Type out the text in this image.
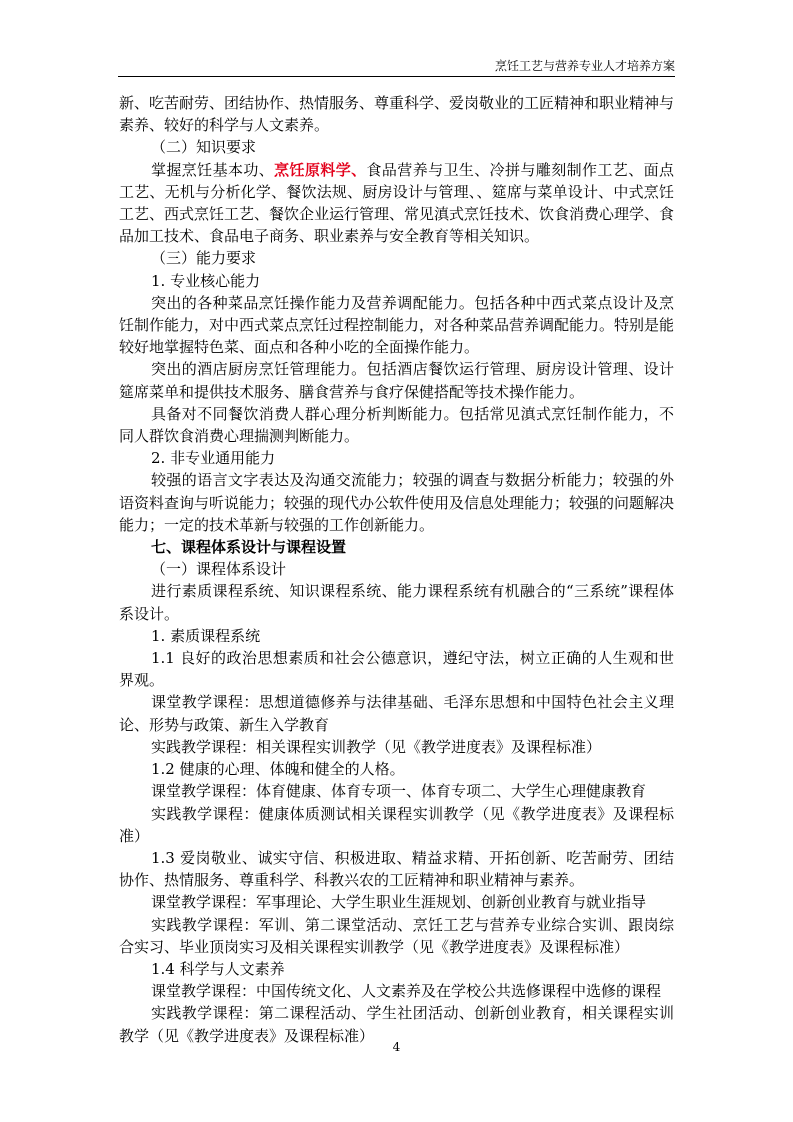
烹饪工艺与营养专业人才培养方案

新、吃苦耐劳、团结协作、热情服务、尊重科学、爱岗敬业的工匠精神和职业精神与素养、较好的科学与人文素养。

（二）知识要求

掌握烹饪基本功、烹饪原料学、食品营养与卫生、冷拼与雕刻制作工艺、面点工艺、无机与分析化学、餐饮法规、厨房设计与管理、、筵席与菜单设计、中式烹饪工艺、西式烹饪工艺、餐饮企业运行管理、常见滇式烹饪技术、饮食消费心理学、食品加工技术、食品电子商务、职业素养与安全教育等相关知识。

（三）能力要求

1. 专业核心能力

突出的各种菜品烹饪操作能力及营养调配能力。包括各种中西式菜点设计及烹饪制作能力，对中西式菜点烹饪过程控制能力，对各种菜品营养调配能力。特别是能较好地掌握特色菜、面点和各种小吃的全面操作能力。

突出的酒店厨房烹饪管理能力。包括酒店餐饮运行管理、厨房设计管理、设计筵席菜单和提供技术服务、膳食营养与食疗保健搭配等技术操作能力。

具备对不同餐饮消费人群心理分析判断能力。包括常见滇式烹饪制作能力，不同人群饮食消费心理揣测判断能力。

2. 非专业通用能力

较强的语言文字表达及沟通交流能力；较强的调查与数据分析能力；较强的外语资料查询与听说能力；较强的现代办公软件使用及信息处理能力；较强的问题解决能力；一定的技术革新与较强的工作创新能力。

七、课程体系设计与课程设置

（一）课程体系设计

进行素质课程系统、知识课程系统、能力课程系统有机融合的“三系统”课程体系设计。

1. 素质课程系统

1.1 良好的政治思想素质和社会公德意识，遵纪守法，树立正确的人生观和世界观。

课堂教学课程：思想道德修养与法律基础、毛泽东思想和中国特色社会主义理论、形势与政策、新生入学教育

实践教学课程：相关课程实训教学（见《教学进度表》及课程标准）

1.2 健康的心理、体魄和健全的人格。

课堂教学课程：体育健康、体育专项一、体育专项二、大学生心理健康教育

实践教学课程：健康体质测试相关课程实训教学（见《教学进度表》及课程标准）

1.3 爱岗敬业、诚实守信、积极进取、精益求精、开拓创新、吃苦耐劳、团结协作、热情服务、尊重科学、科教兴农的工匠精神和职业精神与素养。

课堂教学课程：军事理论、大学生职业生涯规划、创新创业教育与就业指导

实践教学课程：军训、第二课堂活动、烹饪工艺与营养专业综合实训、跟岗综合实习、毕业顶岗实习及相关课程实训教学（见《教学进度表》及课程标准）

1.4 科学与人文素养

课堂教学课程：中国传统文化、人文素养及在学校公共选修课程中选修的课程

实践教学课程：第二课程活动、学生社团活动、创新创业教育，相关课程实训教学（见《教学进度表》及课程标准）

4
